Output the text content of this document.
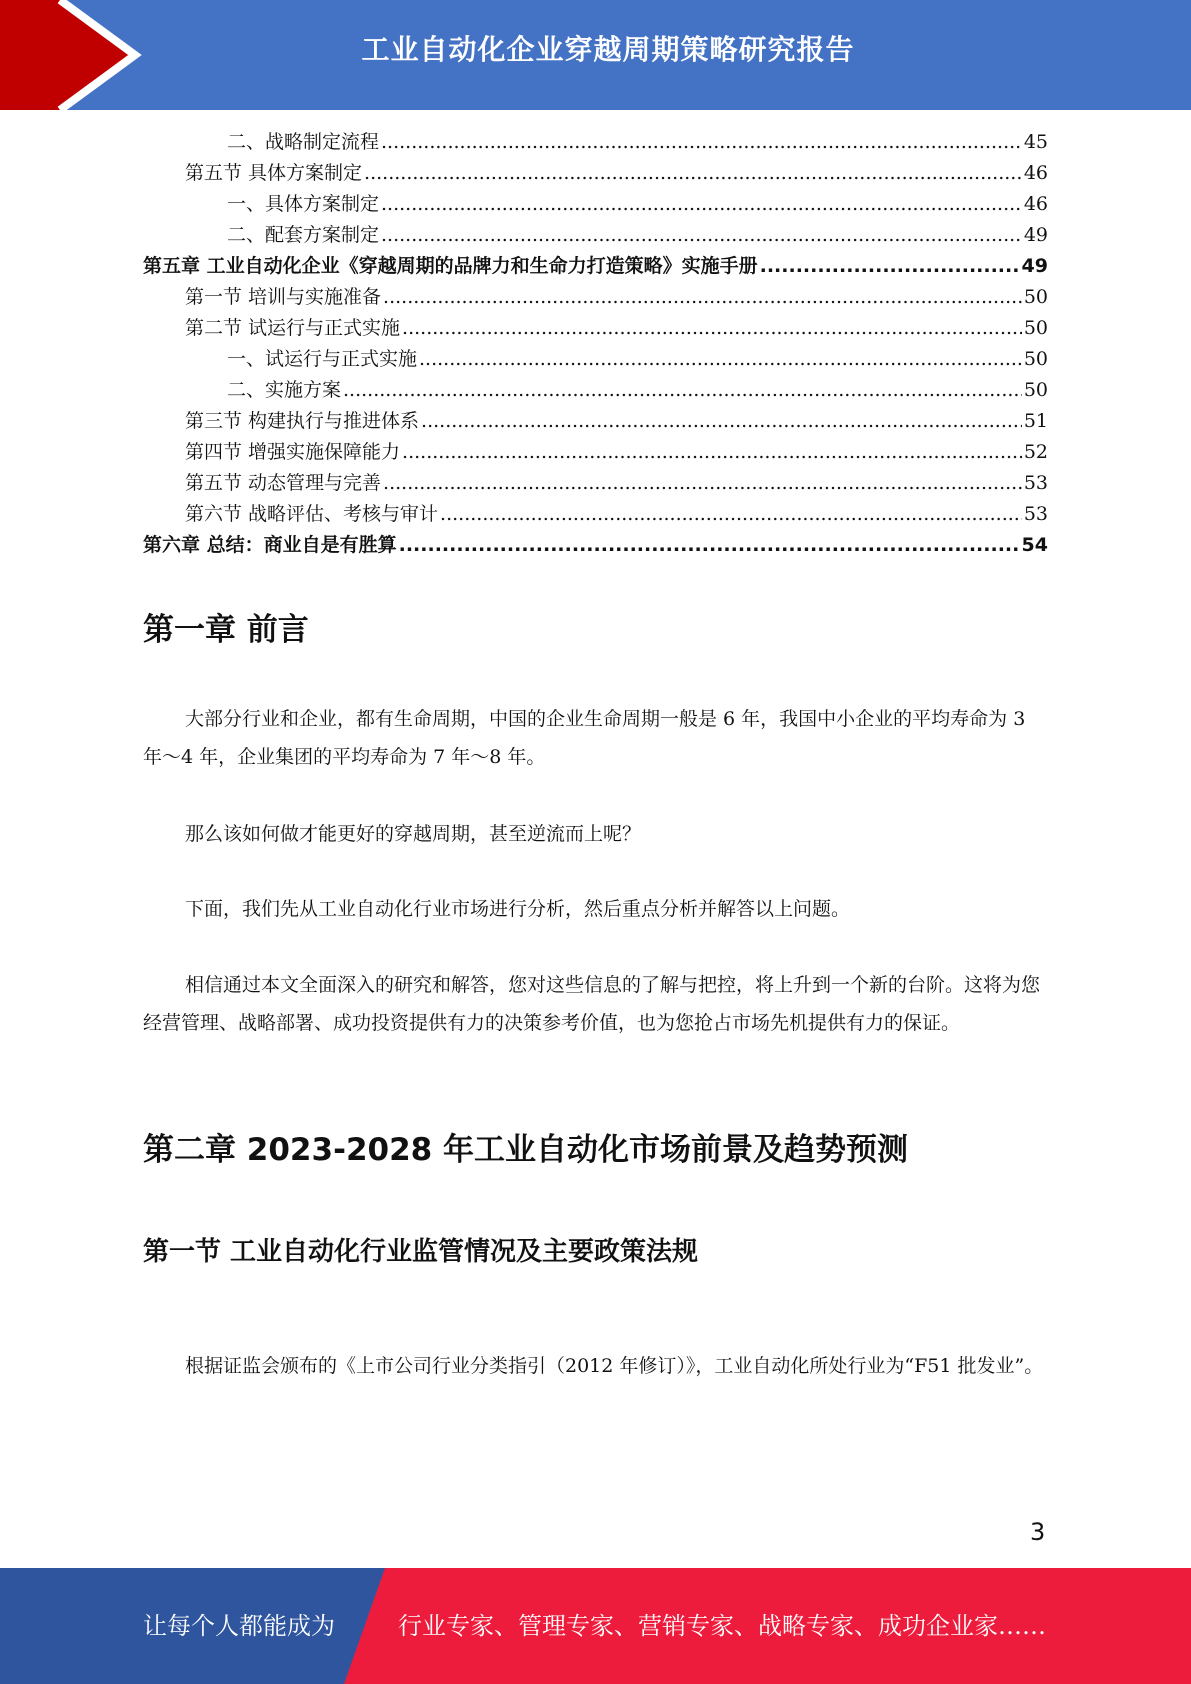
工业自动化企业穿越周期策略研究报告
二、战略制定流程 .....	45
第五节 具体方案制定 .....	46
一、具体方案制定 .....	46
二、配套方案制定 .....	49
第五章 工业自动化企业《穿越周期的品牌力和生命力打造策略》实施手册 .....	49
第一节 培训与实施准备 .....	50
第二节 试运行与正式实施 .....	50
一、试运行与正式实施 .....	50
二、实施方案 .....	50
第三节 构建执行与推进体系 .....	51
第四节 增强实施保障能力 .....	52
第五节 动态管理与完善 .....	53
第六节 战略评估、考核与审计 .....	53
第六章 总结：商业自是有胜算 .....	54
第一章 前言

大部分行业和企业，都有生命周期，中国的企业生命周期一般是 6 年，我国中小企业的平均寿命为 3 年～4 年，企业集团的平均寿命为 7 年～8 年。

那么该如何做才能更好的穿越周期，甚至逆流而上呢？

下面，我们先从工业自动化行业市场进行分析，然后重点分析并解答以上问题。

相信通过本文全面深入的研究和解答，您对这些信息的了解与把控，将上升到一个新的台阶。这将为您经营管理、战略部署、成功投资提供有力的决策参考价值，也为您抢占市场先机提供有力的保证。

第二章 2023-2028 年工业自动化市场前景及趋势预测
第一节 工业自动化行业监管情况及主要政策法规

根据证监会颁布的《上市公司行业分类指引（2012 年修订）》，工业自动化所处行业为“F51 批发业”。

3
让每个人都能成为	行业专家、管理专家、营销专家、战略专家、成功企业家……
